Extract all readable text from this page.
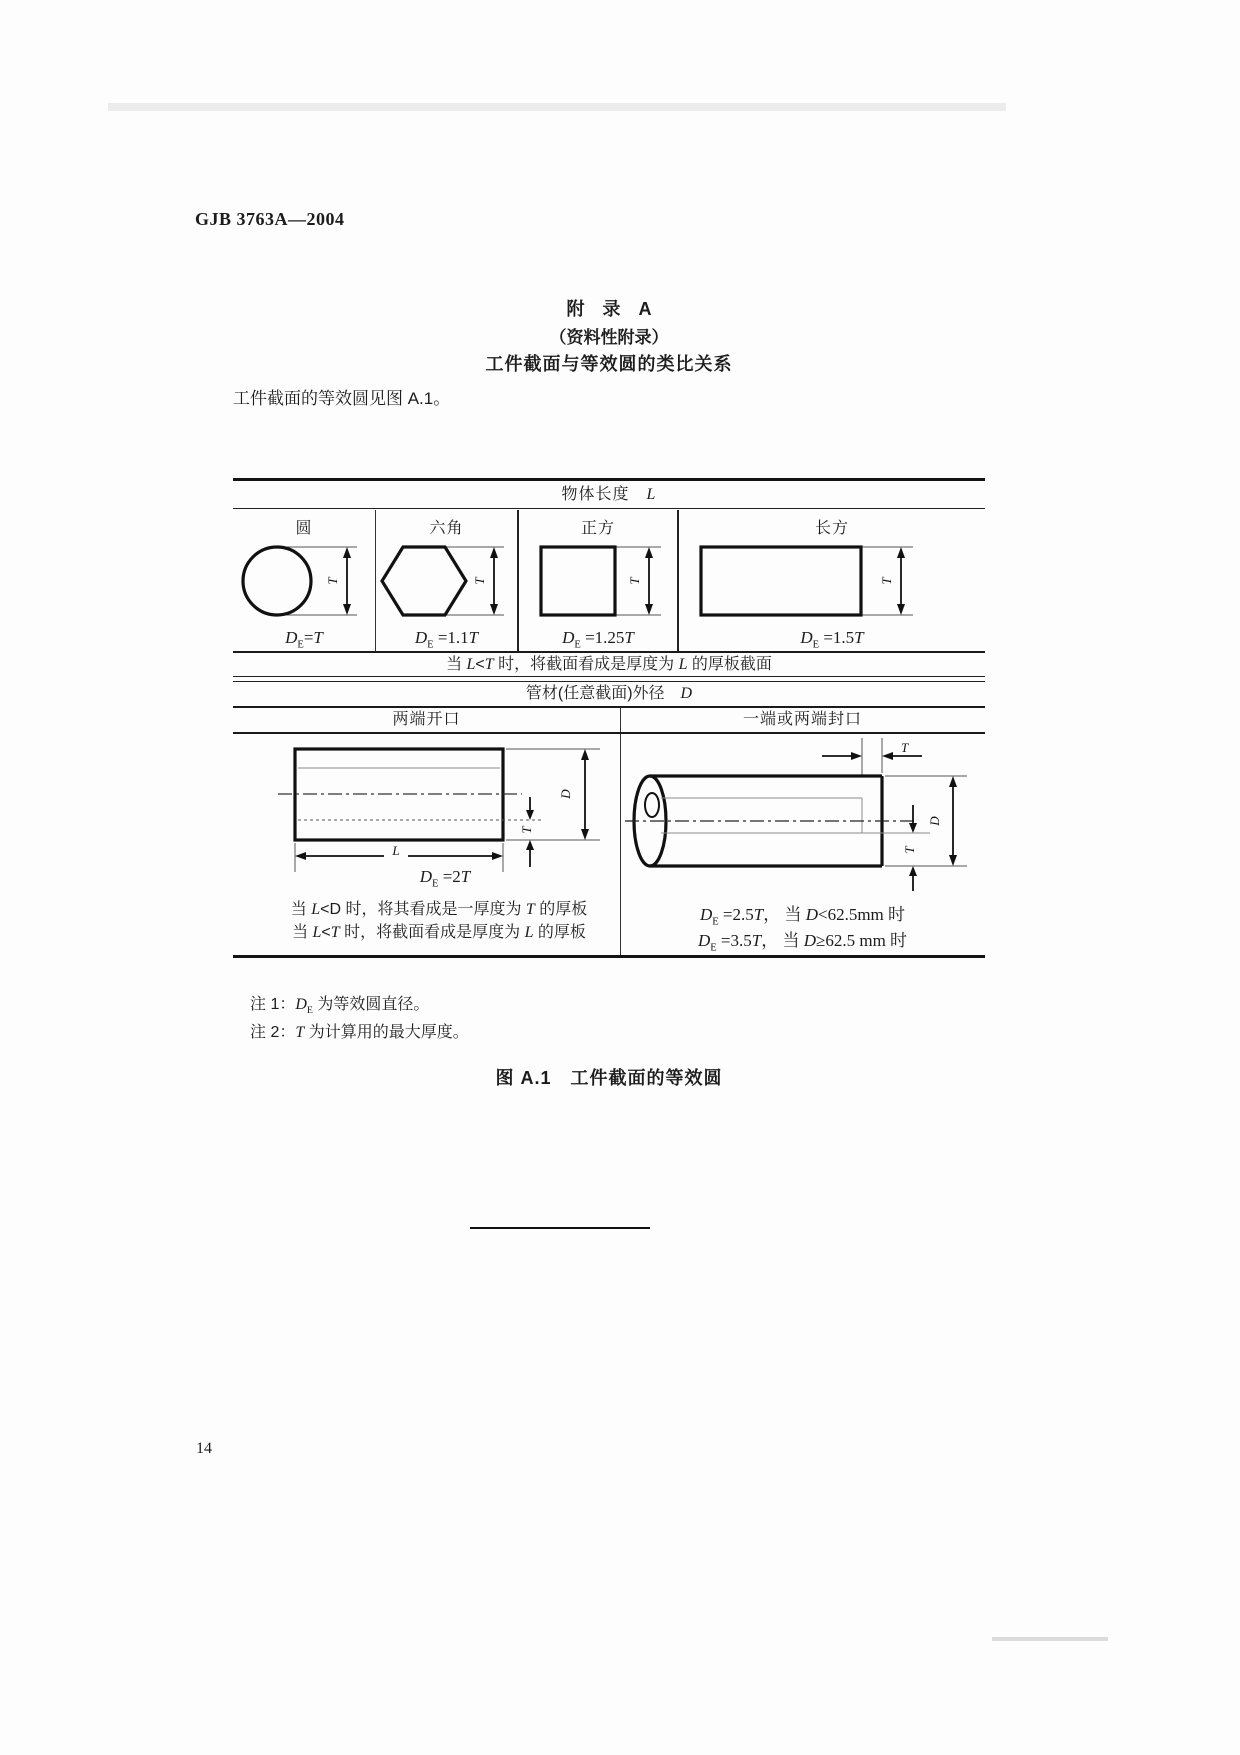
GJB 3763A—2004
附　录　A
（资料性附录）
工件截面与等效圆的类比关系
工件截面的等效圆见图 A.1。
物体长度　L
圆
T
$D_E=T$
六角
T
$D_E =1.1T$
正方
T
$D_E =1.25T$
长方
T
$D_E =1.5T$
当 L<T 时，将截面看成是厚度为 L 的厚板截面
管材(任意截面)外径　D
两端开口	一端或两端封口
D
T
L
$D_E =2T$
当 L<D 时，将其看成是一厚度为 T 的厚板
当 L<T 时，将截面看成是厚度为 L 的厚板
T
D
T
$D_E =2.5T$， 当 D<62.5mm 时
$D_E =3.5T$， 当 D≥62.5 mm 时
注 1：$D_E$ 为等效圆直径。
注 2：T 为计算用的最大厚度。
图 A.1　工件截面的等效圆
14
